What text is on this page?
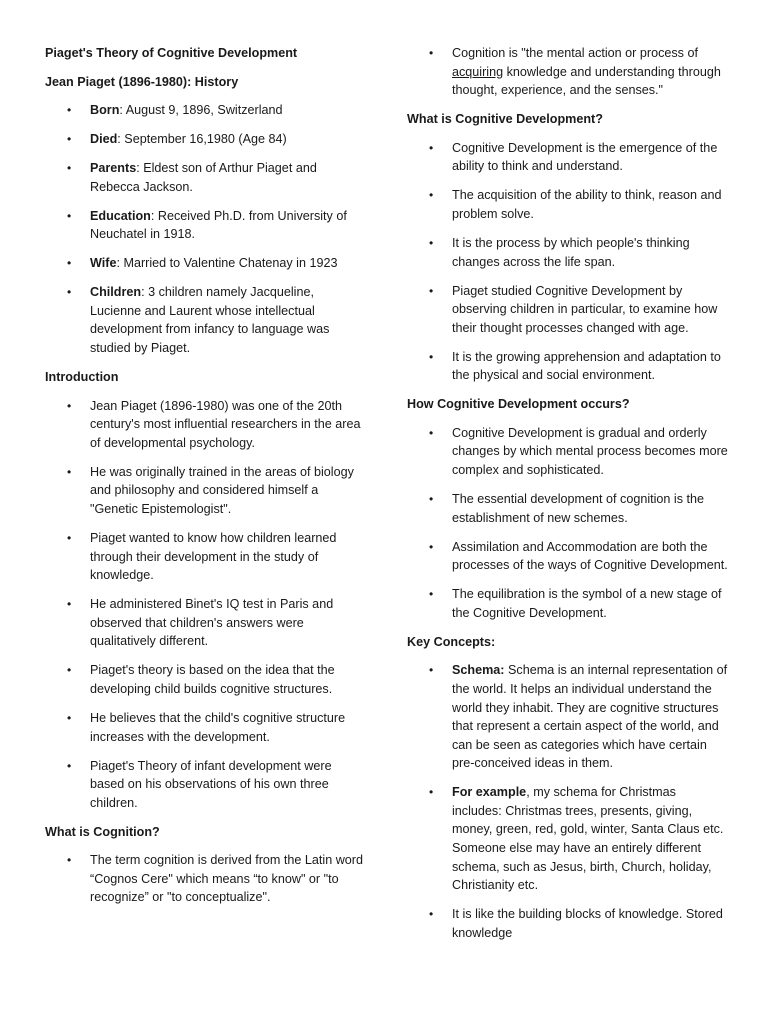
Piaget's Theory of Cognitive Development
Jean Piaget (1896-1980): History
• Born: August 9, 1896, Switzerland
• Died: September 16,1980 (Age 84)
• Parents: Eldest son of Arthur Piaget and Rebecca Jackson.
• Education: Received Ph.D. from University of Neuchatel in 1918.
• Wife: Married to Valentine Chatenay in 1923
• Children: 3 children namely Jacqueline, Lucienne and Laurent whose intellectual development from infancy to language was studied by Piaget.
Introduction
• Jean Piaget (1896-1980) was one of the 20th century's most influential researchers in the area of developmental psychology.
• He was originally trained in the areas of biology and philosophy and considered himself a "Genetic Epistemologist".
• Piaget wanted to know how children learned through their development in the study of knowledge.
• He administered Binet's IQ test in Paris and observed that children's answers were qualitatively different.
• Piaget's theory is based on the idea that the developing child builds cognitive structures.
• He believes that the child's cognitive structure increases with the development.
• Piaget's Theory of infant development were based on his observations of his own three children.
What is Cognition?
• The term cognition is derived from the Latin word “Cognos Cere" which means “to know" or "to recognize” or "to conceptualize".
• Cognition is "the mental action or process of acquiring knowledge and understanding through thought, experience, and the senses."
What is Cognitive Development?
• Cognitive Development is the emergence of the ability to think and understand.
• The acquisition of the ability to think, reason and problem solve.
• It is the process by which people's thinking changes across the life span.
• Piaget studied Cognitive Development by observing children in particular, to examine how their thought processes changed with age.
• It is the growing apprehension and adaptation to the physical and social environment.
How Cognitive Development occurs?
• Cognitive Development is gradual and orderly changes by which mental process becomes more complex and sophisticated.
• The essential development of cognition is the establishment of new schemes.
• Assimilation and Accommodation are both the processes of the ways of Cognitive Development.
• The equilibration is the symbol of a new stage of the Cognitive Development.
Key Concepts:
• Schema: Schema is an internal representation of the world. It helps an individual understand the world they inhabit. They are cognitive structures that represent a certain aspect of the world, and can be seen as categories which have certain pre-conceived ideas in them.
• For example, my schema for Christmas includes: Christmas trees, presents, giving, money, green, red, gold, winter, Santa Claus etc. Someone else may have an entirely different schema, such as Jesus, birth, Church, holiday, Christianity etc.
• It is like the building blocks of knowledge. Stored knowledge
